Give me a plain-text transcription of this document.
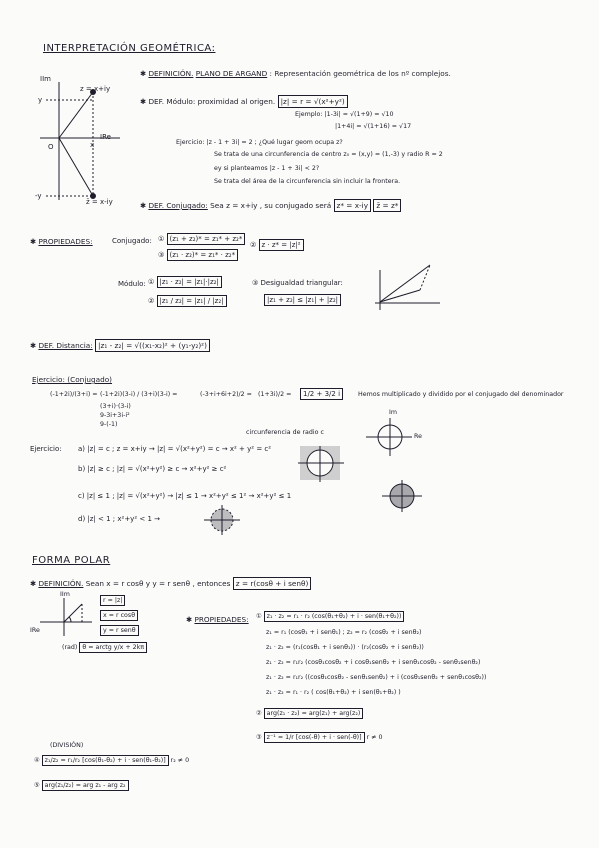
INTERPRETACIÓN GEOMÉTRICA:
✱ DEFINICIÓN. PLANO DE ARGAND : Representación geométrica de los nº complejos.
IIm
z = x+iy
y
IRe
O	x
-y
z̄ = x-iy
✱ DEF. Módulo: proximidad al origen. |z| = r = √(x²+y²)
Ejemplo: |1-3i| = √(1+9) = √10
|1+4i| = √(1+16) = √17
Ejercicio: |z - 1 + 3i| = 2 ; ¿Qué lugar geom ocupa z?
Se trata de una circunferencia de centro z₀ = (x,y) = (1,-3) y radio R = 2
ey si planteamos |z - 1 + 3i| < 2?
Se trata del área de la circunferencia sin incluir la frontera.
✱ DEF. Conjugado: Sea z = x+iy , su conjugado será z* = x-iy z̄ = z*
✱ PROPIEDADES:	Conjugado: ① (z₁ + z₂)* = z₁* + z₂*
② z · z* = |z|²
③ (z₁ · z₂)* = z₁* · z₂*
Módulo: ① |z₁ · z₂| = |z₁|·|z₂|
② |z₁ / z₂| = |z₁| / |z₂|
③ Desigualdad triangular:
|z₁ + z₂| ≤ |z₁| + |z₂|
✱ DEF. Distancia: |z₁ - z₂| = √((x₁-x₂)² + (y₁-y₂)²)
Ejercicio: (Conjugado)
(-1+2i)/(3+i) = (-1+2i)(3-i) / (3+i)(3-i) =	(-3+i+6i+2)/2 = (1+3i)/2 =
(3+i)·(3-i)
9-3i+3i-i²
9-(-1)
1/2 + 3/2 i	Hemos multiplicado y dividido por el conjugado del denominador
Ejercicio: a) |z| = c ; z = x+iy → |z| = √(x²+y²) = c → x² + y² = c²
circunferencia de radio c
Im
Re
b) |z| ≥ c ; |z| = √(x²+y²) ≥ c → x²+y² ≥ c²
c) |z| ≤ 1 ; |z| = √(x²+y²) → |z| ≤ 1 → x²+y² ≤ 1² → x²+y² ≤ 1
d) |z| < 1 ; x²+y² < 1 →
FORMA POLAR
✱ DEFINICIÓN. Sean x = r cosθ y y = r senθ , entonces z = r(cosθ + i senθ)
IIm
IRe
r = |z|
x = r cosθ
y = r senθ
(rad) θ = arctg y/x + 2kπ
✱ PROPIEDADES: ① z₁ · z₂ = r₁ · r₂ (cos(θ₁+θ₂) + i · sen(θ₁+θ₂))
z₁ = r₁ (cosθ₁ + i senθ₁) ; z₂ = r₂ (cosθ₂ + i senθ₂)
z₁ · z₂ = (r₁(cosθ₁ + i senθ₁)) · (r₂(cosθ₂ + i senθ₂))
z₁ · z₂ = r₁r₂ (cosθ₁cosθ₂ + i cosθ₁senθ₂ + i senθ₁cosθ₂ - senθ₁senθ₂)
z₁ · z₂ = r₁r₂ ((cosθ₁cosθ₂ - senθ₁senθ₂) + i (cosθ₁senθ₂ + senθ₁cosθ₂))
z₁ · z₂ = r₁ · r₂ ( cos(θ₁+θ₂) + i sen(θ₁+θ₂) )
② arg(z₁ · z₂) = arg(z₁) + arg(z₂)
③ z⁻¹ = 1/r [cos(-θ) + i · sen(-θ)] r ≠ 0
(DIVISIÓN)
④ z₁/z₂ = r₁/r₂ [cos(θ₁-θ₂) + i · sen(θ₁-θ₂)] r₂ ≠ 0
⑤ arg(z₁/z₂) = arg z₁ - arg z₂
